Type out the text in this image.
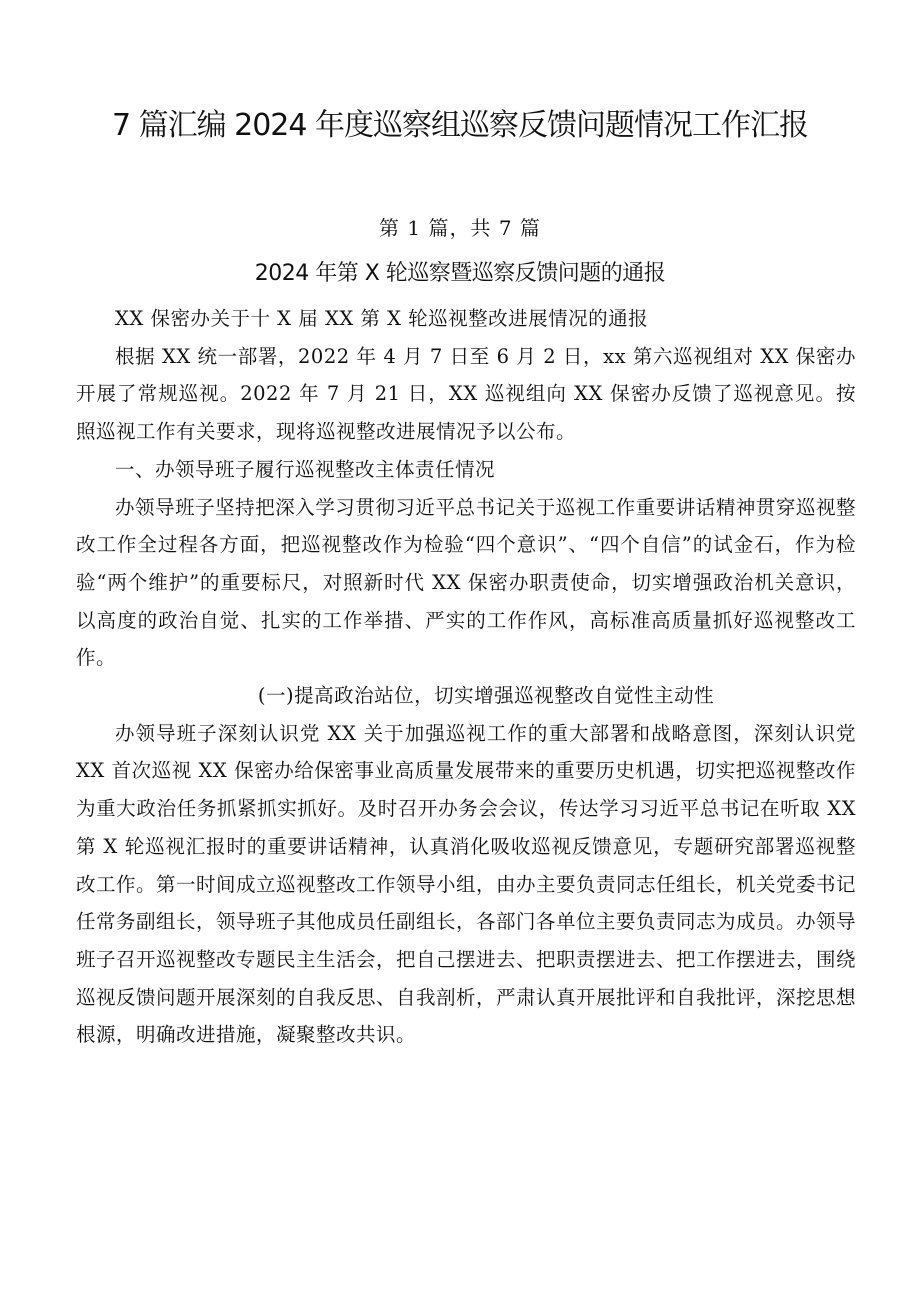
7 篇汇编 2024 年度巡察组巡察反馈问题情况工作汇报
第 1 篇，共 7 篇
2024 年第 X 轮巡察暨巡察反馈问题的通报

XX 保密办关于十 X 届 XX 第 X 轮巡视整改进展情况的通报

根据 XX 统一部署，2022 年 4 月 7 日至 6 月 2 日，xx 第六巡视组对 XX 保密办开展了常规巡视。2022 年 7 月 21 日，XX 巡视组向 XX 保密办反馈了巡视意见。按照巡视工作有关要求，现将巡视整改进展情况予以公布。

一、办领导班子履行巡视整改主体责任情况

办领导班子坚持把深入学习贯彻习近平总书记关于巡视工作重要讲话精神贯穿巡视整改工作全过程各方面，把巡视整改作为检验“四个意识”、“四个自信”的试金石，作为检验“两个维护”的重要标尺，对照新时代 XX 保密办职责使命，切实增强政治机关意识，以高度的政治自觉、扎实的工作举措、严实的工作作风，高标准高质量抓好巡视整改工作。

(一)提高政治站位，切实增强巡视整改自觉性主动性

办领导班子深刻认识党 XX 关于加强巡视工作的重大部署和战略意图，深刻认识党 XX 首次巡视 XX 保密办给保密事业高质量发展带来的重要历史机遇，切实把巡视整改作为重大政治任务抓紧抓实抓好。及时召开办务会会议，传达学习习近平总书记在听取 XX 第 X 轮巡视汇报时的重要讲话精神，认真消化吸收巡视反馈意见，专题研究部署巡视整改工作。第一时间成立巡视整改工作领导小组，由办主要负责同志任组长，机关党委书记任常务副组长，领导班子其他成员任副组长，各部门各单位主要负责同志为成员。办领导班子召开巡视整改专题民主生活会，把自己摆进去、把职责摆进去、把工作摆进去，围绕巡视反馈问题开展深刻的自我反思、自我剖析，严肃认真开展批评和自我批评，深挖思想根源，明确改进措施，凝聚整改共识。
